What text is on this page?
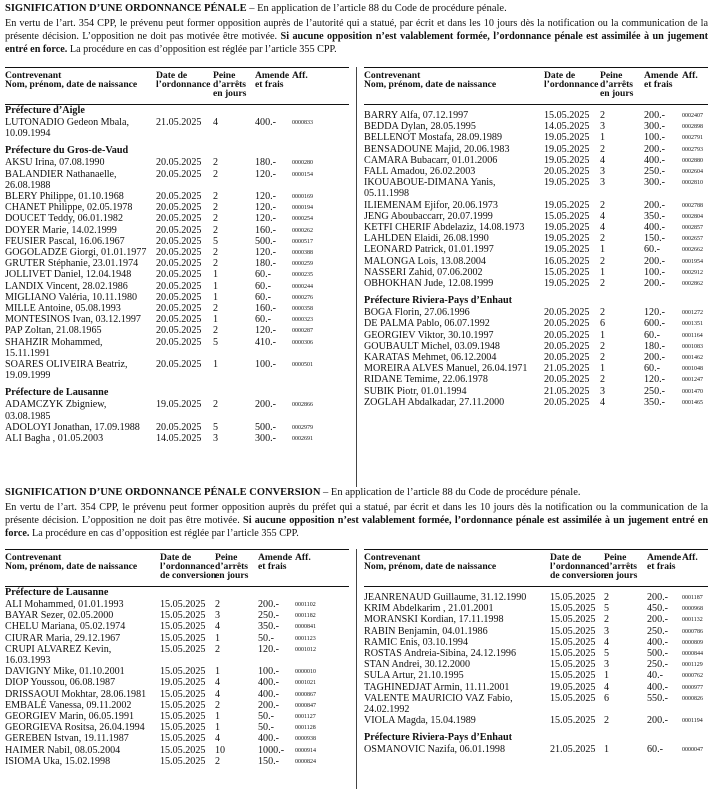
SIGNIFICATION D’UNE ORDONNANCE PÉNALE – En application de l’article 88 du Code de procédure pénale.
En vertu de l’art. 354 CPP, le prévenu peut former opposition auprès de l’autorité qui a statué, par écrit et dans les 10 jours dès la notification ou la communication de la présente décision. L’opposition ne doit pas motivée être motivée. Si aucune opposition n’est valablement formée, l’ordonnance pénale est assimilée à un jugement entré en force. La procédure en cas d’opposition est réglée par l’article 355 CPP.
Contrevenant
Nom, prénom, date de naissance
Date de
l’ordonnance
Peine
d’arrêts
en jours
Amende
et frais
Aff.
Préfecture d’Aigle
LUTONADIO Gedeon Mbala, 10.09.1994
21.05.2025 4	400.-	0000833
Préfecture du Gros-de-Vaud
AKSU Irina, 07.08.1990	20.05.2025 2	180.-	0000280
BALANDIER Nathanaelle, 26.08.1988
20.05.2025 2	120.-	0000154
BLERY Philippe, 01.10.1968	20.05.2025 2	120.-	0000169
CHANET Philippe, 02.05.1978	20.05.2025 2	120.-	0000194
DOUCET Teddy, 06.01.1982	20.05.2025 2	120.-	0000254
DOYER Marie, 14.02.1999	20.05.2025 2	160.-	0000262
FEUSIER Pascal, 16.06.1967	20.05.2025 5	500.-	0000517
GOGOLADZE Giorgi, 01.01.1977 20.05.2025 2	120.-	0000388
GRUTER Stéphanie, 23.01.1974	20.05.2025 2	180.-	0000259
JOLLIVET Daniel, 12.04.1948	20.05.2025 1	60.-	0000235
LANDIX Vincent, 28.02.1986	20.05.2025 1	60.-	0000244
MIGLIANO Valéria, 10.11.1980	20.05.2025 1	60.-	0000276
MILLE Antoine, 05.08.1993	20.05.2025 2	160.-	0000358
MONTESINOS Ivan, 03.12.1997	20.05.2025 1	60.-	0000323
PAP Zoltan, 21.08.1965	20.05.2025 2	120.-	0000287
SHAHZIR Mohammed, 15.11.1991
20.05.2025 5	410.-	0000306
SOARES OLIVEIRA Beatriz, 19.09.1999
20.05.2025 1	100.-	0000501
Préfecture de Lausanne
ADAMCZYK Zbigniew, 03.08.1985
19.05.2025 2	200.-	0002866
ADOLOYI Jonathan, 17.09.1988	20.05.2025 5	500.-	0002979
ALI Bagha , 01.05.2003	14.05.2025 3	300.-	0002691
Contrevenant
Nom, prénom, date de naissance
Date de
l’ordonnance
Peine
d’arrêts
en jours
Amende
et frais
Aff.
BARRY Alfa, 07.12.1997	15.05.2025 2	200.-	0002407
BEDDA Dylan, 28.05.1995	14.05.2025 3	300.-	0002898
BELLENOT Mostafa, 28.09.1989	19.05.2025 1	100.-	0002791
BENSADOUNE Majid, 20.06.1983	19.05.2025 2	200.-	0002793
CAMARA Bubacarr, 01.01.2006	19.05.2025 4	400.-	0002880
FALL Amadou, 26.02.2003	20.05.2025 3	250.-	0002604
IKOUABOUE-DIMANA Yanis, 05.11.1998
19.05.2025 3	300.-	0002810
ILIEMENAM Ejifor, 20.06.1973	19.05.2025 2	200.-	0002788
JENG Aboubaccarr, 20.07.1999	15.05.2025 4	350.-	0002804
KETFI CHERIF Abdelaziz, 14.08.1973	19.05.2025 4	400.-	0002857
LAHLDEN Elaidi, 26.08.1990	19.05.2025 2	150.-	0002657
LEONARD Patrick, 01.01.1997	19.05.2025 1	60.-	0002662
MALONGA Lois, 13.08.2004	16.05.2025 2	200.-	0001954
NASSERI Zahid, 07.06.2002	15.05.2025 1	100.-	0002912
OBHOKHAN Jude, 12.08.1999	19.05.2025 2	200.-	0002862
Préfecture Riviera-Pays d’Enhaut
BOGA Florin, 27.06.1996	20.05.2025 2	120.-	0001272
DE PALMA Pablo, 06.07.1992	20.05.2025 6	600.-	0001351
GEORGIEV Viktor, 30.10.1997	20.05.2025 1	60.-	0001164
GOUBAULT Michel, 03.09.1948	20.05.2025 2	180.-	0001083
KARATAS Mehmet, 06.12.2004	20.05.2025 2	200.-	0001462
MOREIRA ALVES Manuel, 26.04.1971	21.05.2025 1	60.-	0001048
RIDANE Temime, 22.06.1978	20.05.2025 2	120.-	0001247
SUBIK Piotr, 01.01.1994	21.05.2025 3	250.-	0001470
ZOGLAH Abdalkadar, 27.11.2000	20.05.2025 4	350.-	0001465
SIGNIFICATION D’UNE ORDONNANCE PÉNALE CONVERSION – En application de l’article 88 du Code de procédure pénale.
En vertu de l’art. 354 CPP, le prévenu peut former opposition auprès du préfet qui a statué, par écrit et dans les 10 jours dès la notification ou la communication de la présente décision. L’opposition ne doit pas être motivée. Si aucune opposition n’est valablement formée, l’ordonnance pénale est assimilée à un jugement entré en force. La procédure en cas d’opposition est réglée par l’article 355 CPP.
Contrevenant
Nom, prénom, date de naissance
Date de
l’ordonnance
de conversion
Peine
d’arrêts
en jours
Amende
et frais
Aff.
Préfecture de Lausanne
ALI Mohammed, 01.01.1993	15.05.2025 2	200.-	0001102
BAYAR Sezer, 02.05.2000	15.05.2025 3	250.-	0001182
CHELU Mariana, 05.02.1974	15.05.2025 4	350.-	0000841
CIURAR Maria, 29.12.1967	15.05.2025 1	50.-	0001123
CRUPI ALVAREZ Kevin, 16.03.1993
15.05.2025 2	120.-	0001012
DAVIGNY Mike, 01.10.2001	15.05.2025 1	100.-	0000010
DIOP Youssou, 06.08.1987	19.05.2025 4	400.-	0001021
DRISSAOUI Mokhtar, 28.06.1981	15.05.2025 4	400.-	0000867
EMBALÉ Vanessa, 09.11.2002	15.05.2025 2	200.-	0000847
GEORGIEV Marin, 06.05.1991	15.05.2025 1	50.-	0001127
GEORGIEVA Rositsa, 26.04.1994	15.05.2025 1	50.-	0001128
GEREBEN Istvan, 19.11.1987	15.05.2025 4	400.-	0000938
HAIMER Nabil, 08.05.2004	15.05.2025 10	1000.- 0000914
ISIOMA Uka, 15.02.1998	15.05.2025 2	150.-	0000824
Contrevenant
Nom, prénom, date de naissance
Date de
l’ordonnance
de conversion
Peine
d’arrêts
en jours
Amende
et frais
Aff.
JEANRENAUD Guillaume, 31.12.1990	15.05.2025 2	200.- 0001187
KRIM Abdelkarim , 21.01.2001	15.05.2025 5	450.- 0000968
MORANSKI Kordian, 17.11.1998	15.05.2025 2	200.- 0001132
RABIN Benjamin, 04.01.1986	15.05.2025 3	250.- 0000786
RAMIC Enis, 03.10.1994	15.05.2025 4	400.- 0000809
ROSTAS Andreia-Sibina, 24.12.1996	15.05.2025 5	500.- 0000844
STAN Andrei, 30.12.2000	15.05.2025 3	250.- 0001129
SULA Artur, 21.10.1995	15.05.2025 1	40.-	0000762
TAGHINEDJAT Armin, 11.11.2001	19.05.2025 4	400.- 0000977
VALENTE MAURICIO VAZ Fabio, 24.02.1992
15.05.2025 6	550.- 0000826
VIOLA Magda, 15.04.1989	15.05.2025 2	200.- 0001194
Préfecture Riviera-Pays d’Enhaut
OSMANOVIC Nazifa, 06.01.1998	21.05.2025 1	60.-	0000047
